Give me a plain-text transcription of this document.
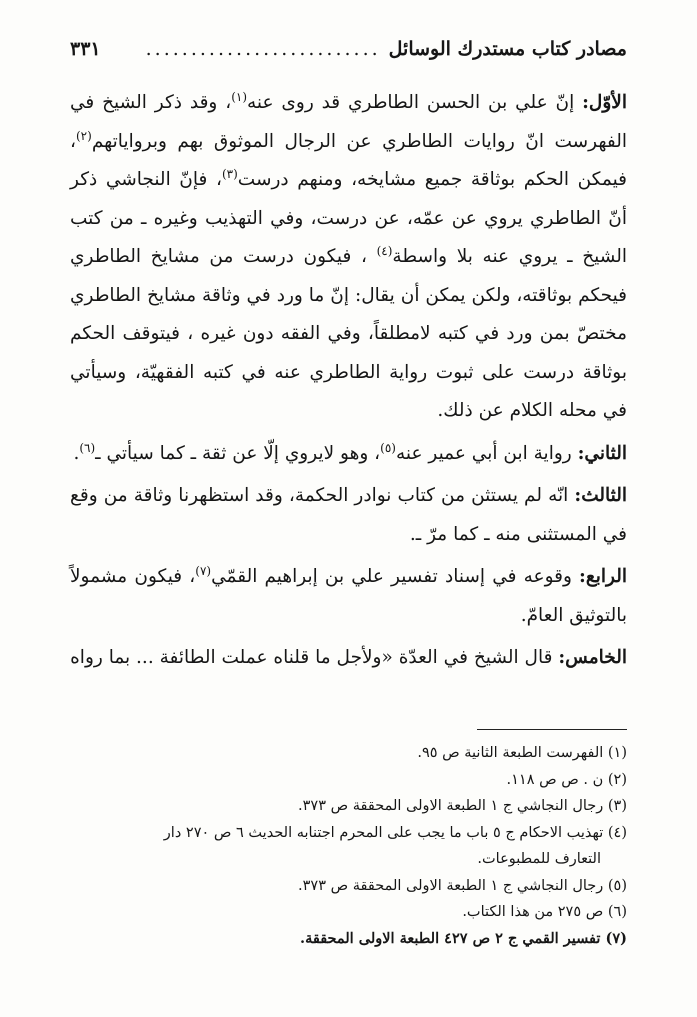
مصادر كتاب مستدرك الوسائل
..........................
٣٣١

الأوّل: إنّ علي بن الحسن الطاطري قد روى عنه$^{(١)}$، وقد ذكر الشيخ في الفهرست انّ روايات الطاطري عن الرجال الموثوق بهم وبرواياتهم$^{(٢)}$، فيمكن الحكم بوثاقة جميع مشايخه، ومنهم درست$^{(٣)}$، فإنّ النجاشي ذكر أنّ الطاطري يروي عن عمّه، عن درست، وفي التهذيب وغيره ـ من كتب الشيخ ـ يروي عنه بلا واسطة$^{(٤)}$ ، فيكون درست من مشايخ الطاطري فيحكم بوثاقته، ولكن يمكن أن يقال: إنّ ما ورد في وثاقة مشايخ الطاطري مختصّ بمن ورد في كتبه لامطلقاً، وفي الفقه دون غيره ، فيتوقف الحكم بوثاقة درست على ثبوت رواية الطاطري عنه في كتبه الفقهيّة، وسيأتي في محله الكلام عن ذلك.

الثاني: رواية ابن أبي عمير عنه$^{(٥)}$، وهو لايروي إلّا عن ثقة ـ كما سيأتي ـ$^{(٦)}$.

الثالث: انّه لم يستثن من كتاب نوادر الحكمة، وقد استظهرنا وثاقة من وقع في المستثنى منه ـ كما مرّ ـ.

الرابع: وقوعه في إسناد تفسير علي بن إبراهيم القمّي$^{(٧)}$، فيكون مشمولاً بالتوثيق العامّ.

الخامس: قال الشيخ في العدّة «ولأجل ما قلناه عملت الطائفة ... بما رواه

(١) الفهرست الطبعة الثانية ص ٩٥.

(٢) ن . ص ص ١١٨.

(٣) رجال النجاشي ج ١ الطبعة الاولى المحققة ص ٣٧٣.

(٤) تهذيب الاحكام ج ٥ باب ما يجب على المحرم اجتنابه الحديث ٦ ص ٢٧٠ دار

التعارف للمطبوعات.

(٥) رجال النجاشي ج ١ الطبعة الاولى المحققة ص ٣٧٣.

(٦) ص ٢٧٥ من هذا الكتاب.

(٧) تفسير القمي ج ٢ ص ٤٢٧ الطبعة الاولى المحققة.
